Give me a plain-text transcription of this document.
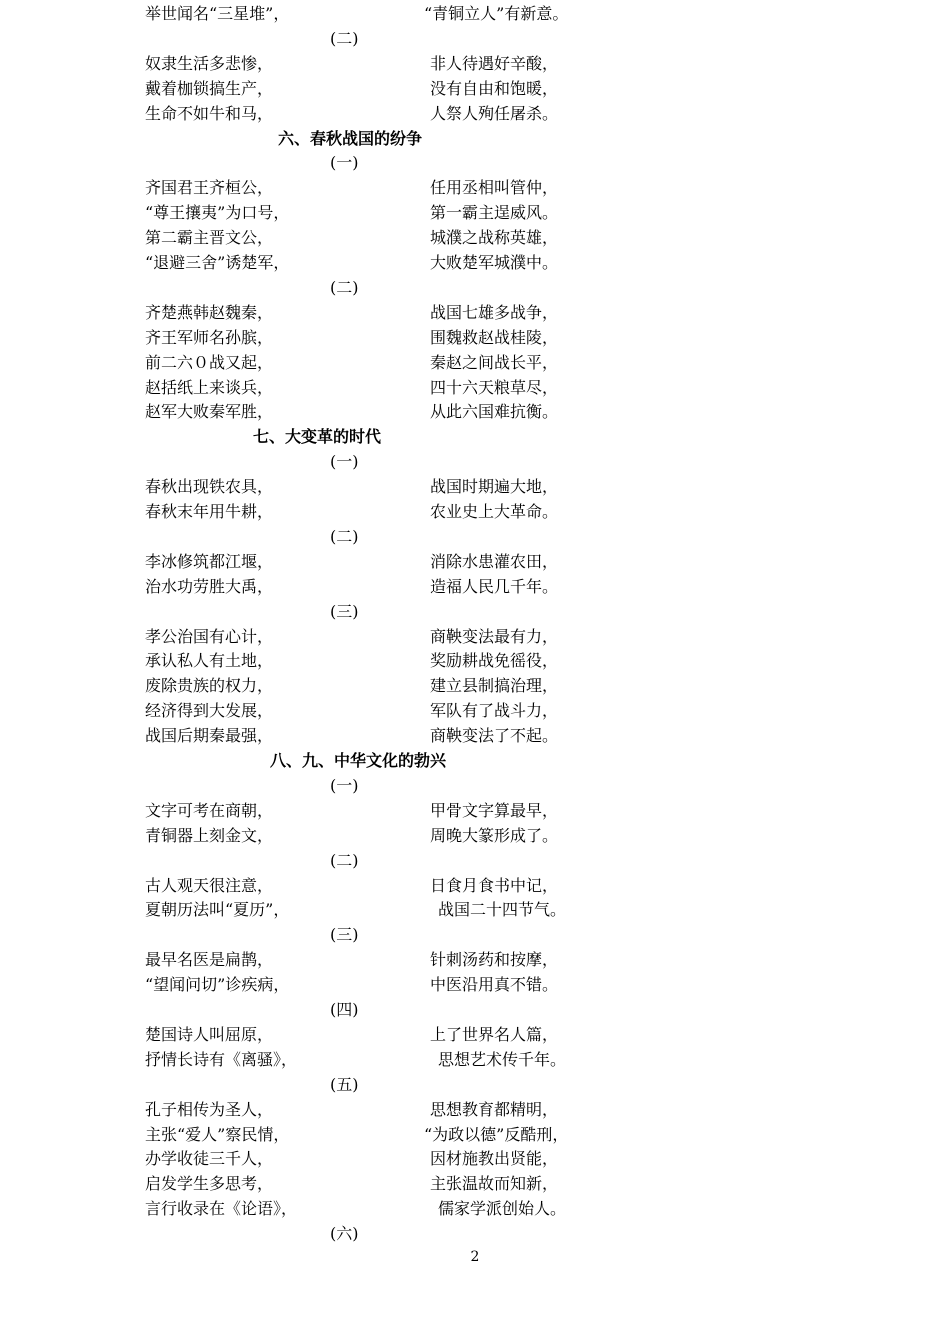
举世闻名“三星堆”，	“青铜立人”有新意。
(二)
奴隶生活多悲惨，	非人待遇好辛酸，
戴着枷锁搞生产，	没有自由和饱暖，
生命不如牛和马，	人祭人殉任屠杀。
六、春秋战国的纷争
(一)
齐国君王齐桓公，	任用丞相叫管仲，
“尊王攘夷”为口号，	第一霸主逞威风。
第二霸主晋文公，	城濮之战称英雄，
“退避三舍”诱楚军，	大败楚军城濮中。
(二)
齐楚燕韩赵魏秦，	战国七雄多战争，
齐王军师名孙膑，	围魏救赵战桂陵，
前二六０战又起，	秦赵之间战长平，
赵括纸上来谈兵，	四十六天粮草尽，
赵军大败秦军胜，	从此六国难抗衡。
七、大变革的时代
(一)
春秋出现铁农具，	战国时期遍大地，
春秋末年用牛耕，	农业史上大革命。
(二)
李冰修筑都江堰，	消除水患灌农田，
治水功劳胜大禹，	造福人民几千年。
(三)
孝公治国有心计，	商鞅变法最有力，
承认私人有土地，	奖励耕战免徭役，
废除贵族的权力，	建立县制搞治理，
经济得到大发展，	军队有了战斗力，
战国后期秦最强，	商鞅变法了不起。
八、九、中华文化的勃兴
(一)
文字可考在商朝，	甲骨文字算最早，
青铜器上刻金文，	周晚大篆形成了。
(二)
古人观天很注意，	日食月食书中记，
夏朝历法叫“夏历”，	战国二十四节气。
(三)
最早名医是扁鹊，	针刺汤药和按摩，
“望闻问切”诊疾病，	中医沿用真不错。
(四)
楚国诗人叫屈原，	上了世界名人篇，
抒情长诗有《离骚》，	思想艺术传千年。
(五)
孔子相传为圣人，	思想教育都精明，
主张“爱人”察民情，	“为政以德”反酷刑，
办学收徒三千人，	因材施教出贤能，
启发学生多思考，	主张温故而知新，
言行收录在《论语》，	儒家学派创始人。
(六)
2
